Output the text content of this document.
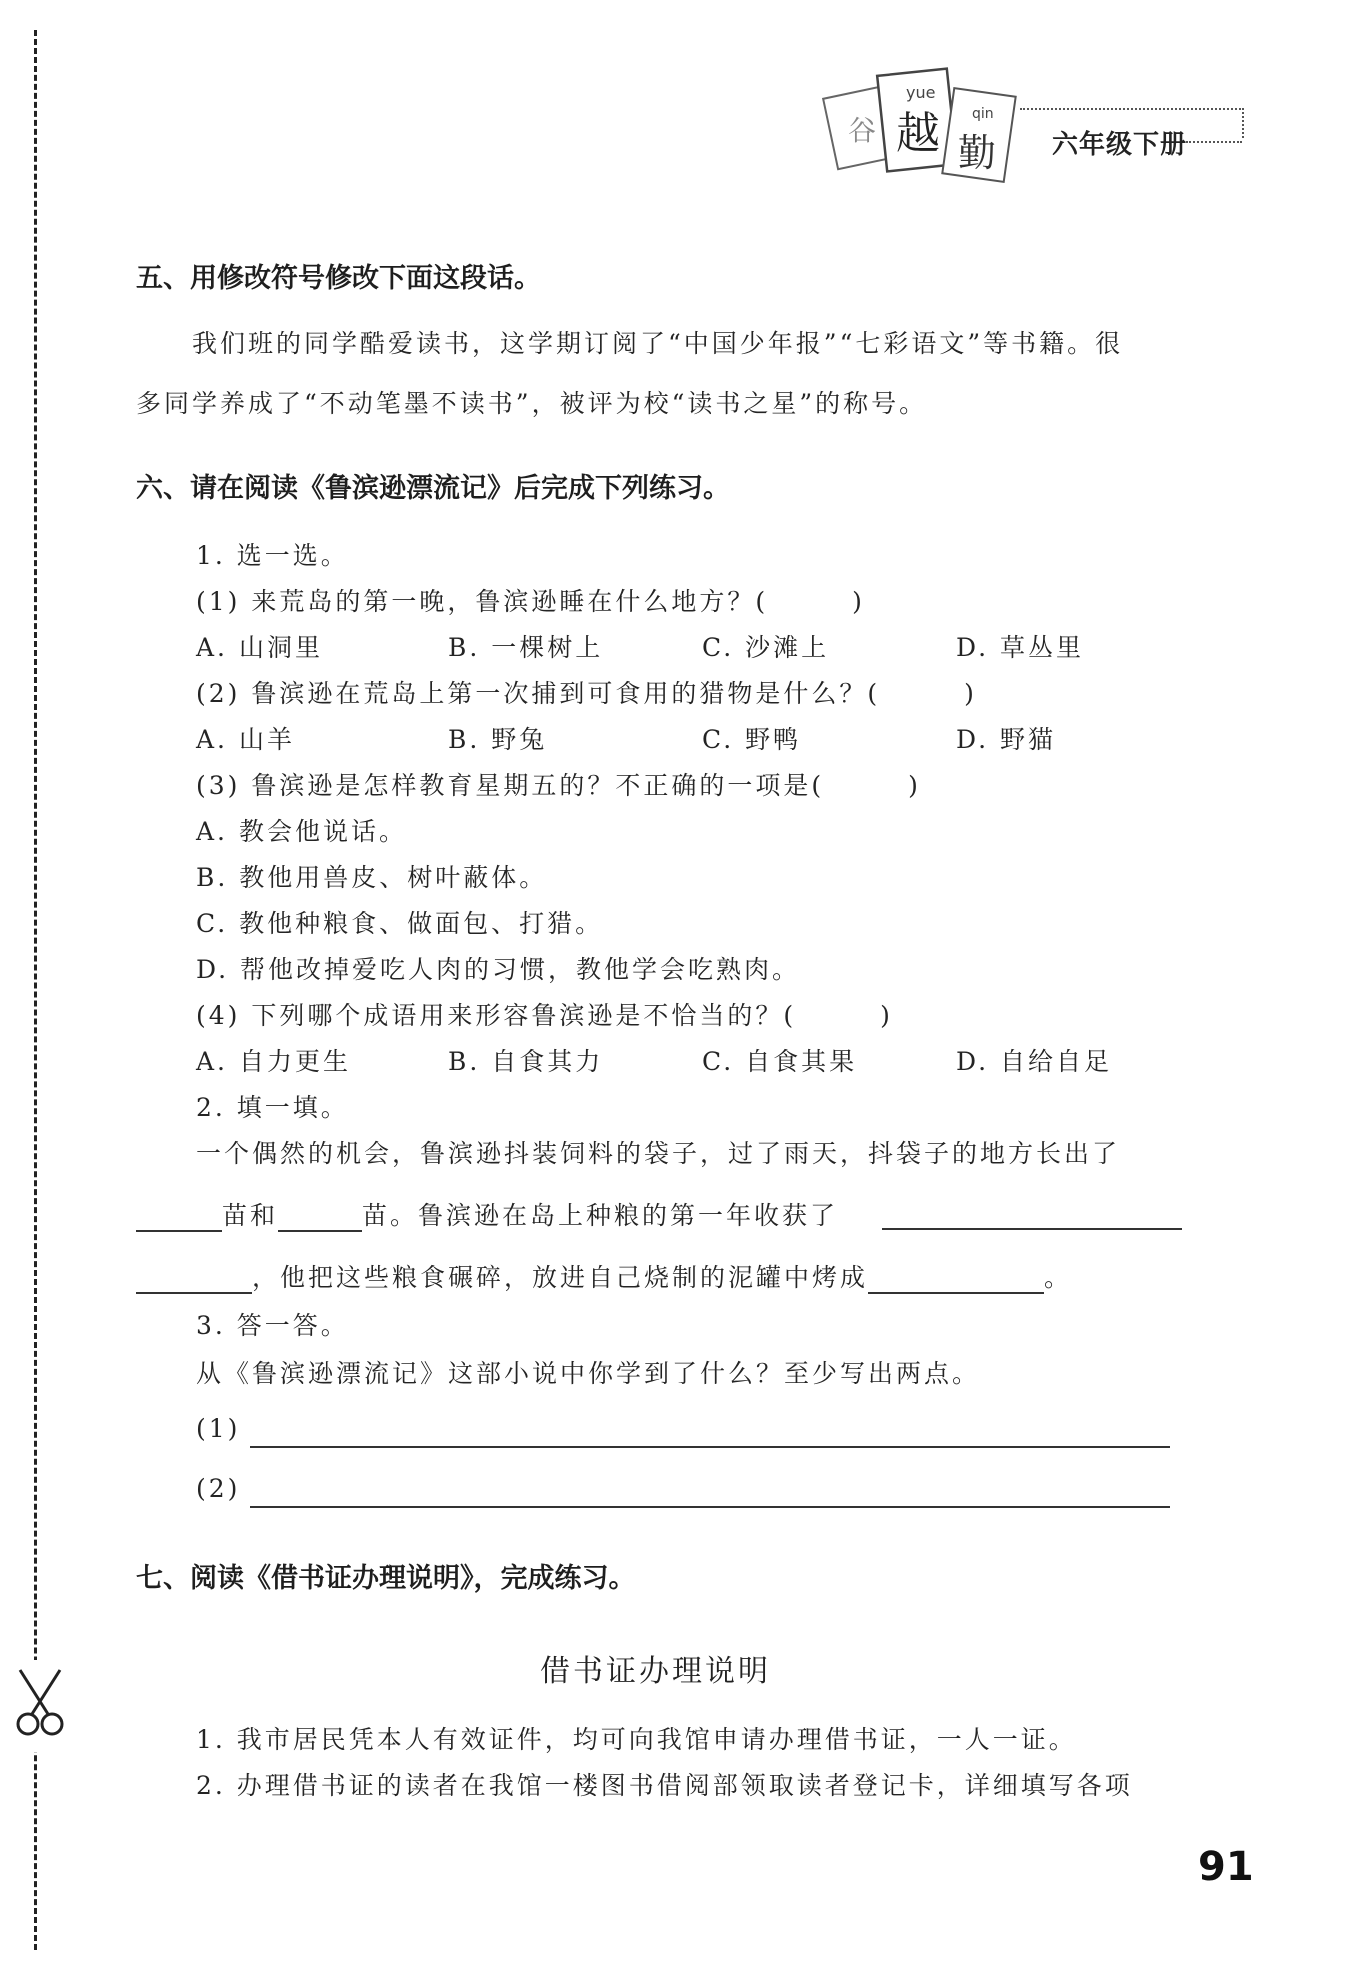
谷
yue
越 qin
勤 六年级下册
五、用修改符号修改下面这段话。
我们班的同学酷爱读书，这学期订阅了“中国少年报”“七彩语文”等书籍。很
多同学养成了“不动笔墨不读书”，被评为校“读书之星”的称号。
六、请在阅读《鲁滨逊漂流记》后完成下列练习。
1. 选一选。
(1) 来荒岛的第一晚，鲁滨逊睡在什么地方？(　　　)
A. 山洞里	B. 一棵树上	C. 沙滩上	D. 草丛里
(2) 鲁滨逊在荒岛上第一次捕到可食用的猎物是什么？(　　　)
A. 山羊	B. 野兔	C. 野鸭	D. 野猫
(3) 鲁滨逊是怎样教育星期五的？不正确的一项是(　　　)
A. 教会他说话。
B. 教他用兽皮、树叶蔽体。
C. 教他种粮食、做面包、打猎。
D. 帮他改掉爱吃人肉的习惯，教他学会吃熟肉。
(4) 下列哪个成语用来形容鲁滨逊是不恰当的？(　　　)
A. 自力更生	B. 自食其力	C. 自食其果	D. 自给自足
2. 填一填。
一个偶然的机会，鲁滨逊抖装饲料的袋子，过了雨天，抖袋子的地方长出了
苗和	苗。鲁滨逊在岛上种粮的第一年收获了
，他把这些粮食碾碎，放进自己烧制的泥罐中烤成	。
3. 答一答。
从《鲁滨逊漂流记》这部小说中你学到了什么？至少写出两点。
(1)
(2)
七、阅读《借书证办理说明》，完成练习。
借书证办理说明
1. 我市居民凭本人有效证件，均可向我馆申请办理借书证，一人一证。
2. 办理借书证的读者在我馆一楼图书借阅部领取读者登记卡，详细填写各项
91
